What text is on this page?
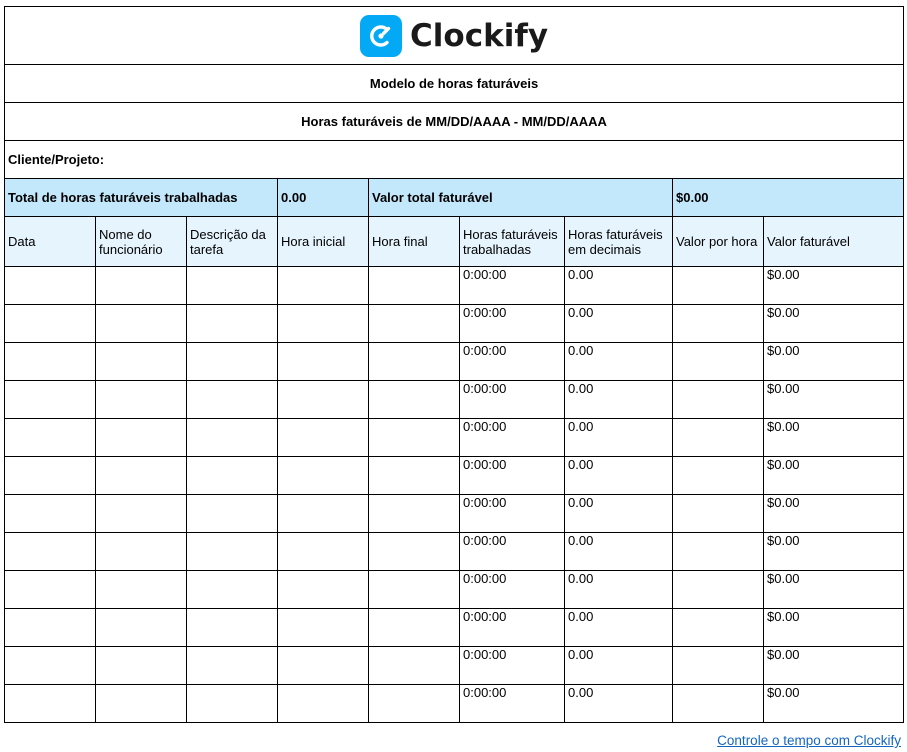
Clockify								

Modelo de horas faturáveis								
Horas faturáveis de MM/DD/AAAA - MM/DD/AAAA								
Cliente/Projeto:								
Total de horas faturáveis trabalhadas			0.00	Valor total faturável			$0.00	
Data	Nome do funcionário	Descrição da tarefa	Hora inicial	Hora final	Horas faturáveis trabalhadas	Horas faturáveis em decimais	Valor por hora	Valor faturável
					0:00:00	0.00		$0.00
					0:00:00	0.00		$0.00
					0:00:00	0.00		$0.00
					0:00:00	0.00		$0.00
					0:00:00	0.00		$0.00
					0:00:00	0.00		$0.00
					0:00:00	0.00		$0.00
					0:00:00	0.00		$0.00
					0:00:00	0.00		$0.00
					0:00:00	0.00		$0.00
					0:00:00	0.00		$0.00
					0:00:00	0.00		$0.00
Controle o tempo com Clockify
